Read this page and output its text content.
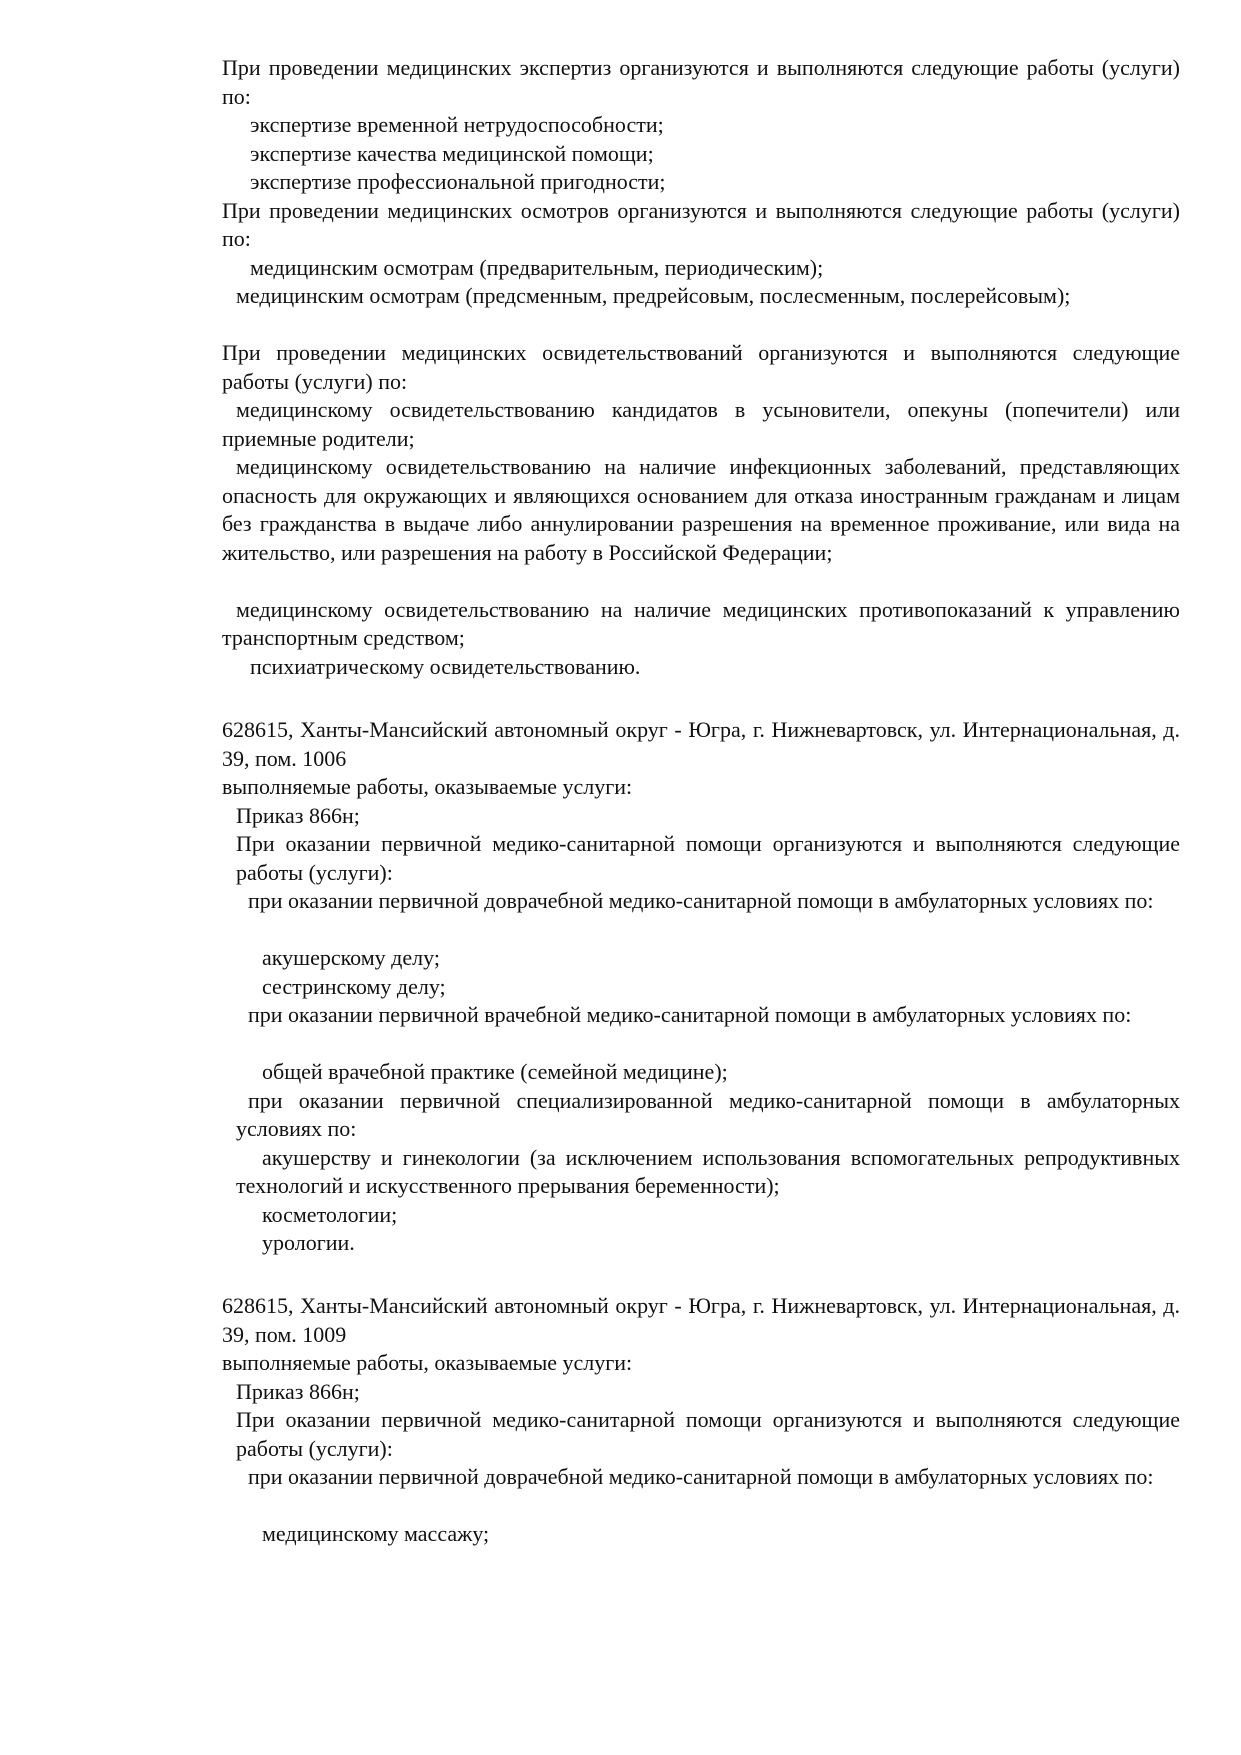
При проведении медицинских экспертиз организуются и выполняются следующие работы (услуги) по:

экспертизе временной нетрудоспособности;

экспертизе качества медицинской помощи;

экспертизе профессиональной пригодности;

При проведении медицинских осмотров организуются и выполняются следующие работы (услуги) по:

медицинским осмотрам (предварительным, периодическим);

медицинским осмотрам (предсменным, предрейсовым, послесменным, послерейсовым);

При проведении медицинских освидетельствований организуются и выполняются следующие работы (услуги) по:

медицинскому освидетельствованию кандидатов в усыновители, опекуны (попечители) или приемные родители;

медицинскому освидетельствованию на наличие инфекционных заболеваний, представляющих опасность для окружающих и являющихся основанием для отказа иностранным гражданам и лицам без гражданства в выдаче либо аннулировании разрешения на временное проживание, или вида на жительство, или разрешения на работу в Российской Федерации;

медицинскому освидетельствованию на наличие медицинских противопоказаний к управлению транспортным средством;

психиатрическому освидетельствованию.

628615, Ханты-Мансийский автономный округ - Югра, г. Нижневартовск, ул. Интернациональная, д. 39, пом. 1006

выполняемые работы, оказываемые услуги:

Приказ 866н;

При оказании первичной медико-санитарной помощи организуются и выполняются следующие работы (услуги):

при оказании первичной доврачебной медико-санитарной помощи в амбулаторных условиях по:

акушерскому делу;

сестринскому делу;

при оказании первичной врачебной медико-санитарной помощи в амбулаторных условиях по:

общей врачебной практике (семейной медицине);

при оказании первичной специализированной медико-санитарной помощи в амбулаторных условиях по:

акушерству и гинекологии (за исключением использования вспомогательных репродуктивных технологий и искусственного прерывания беременности);

косметологии;

урологии.

628615, Ханты-Мансийский автономный округ - Югра, г. Нижневартовск, ул. Интернациональная, д. 39, пом. 1009

выполняемые работы, оказываемые услуги:

Приказ 866н;

При оказании первичной медико-санитарной помощи организуются и выполняются следующие работы (услуги):

при оказании первичной доврачебной медико-санитарной помощи в амбулаторных условиях по:

медицинскому массажу;
